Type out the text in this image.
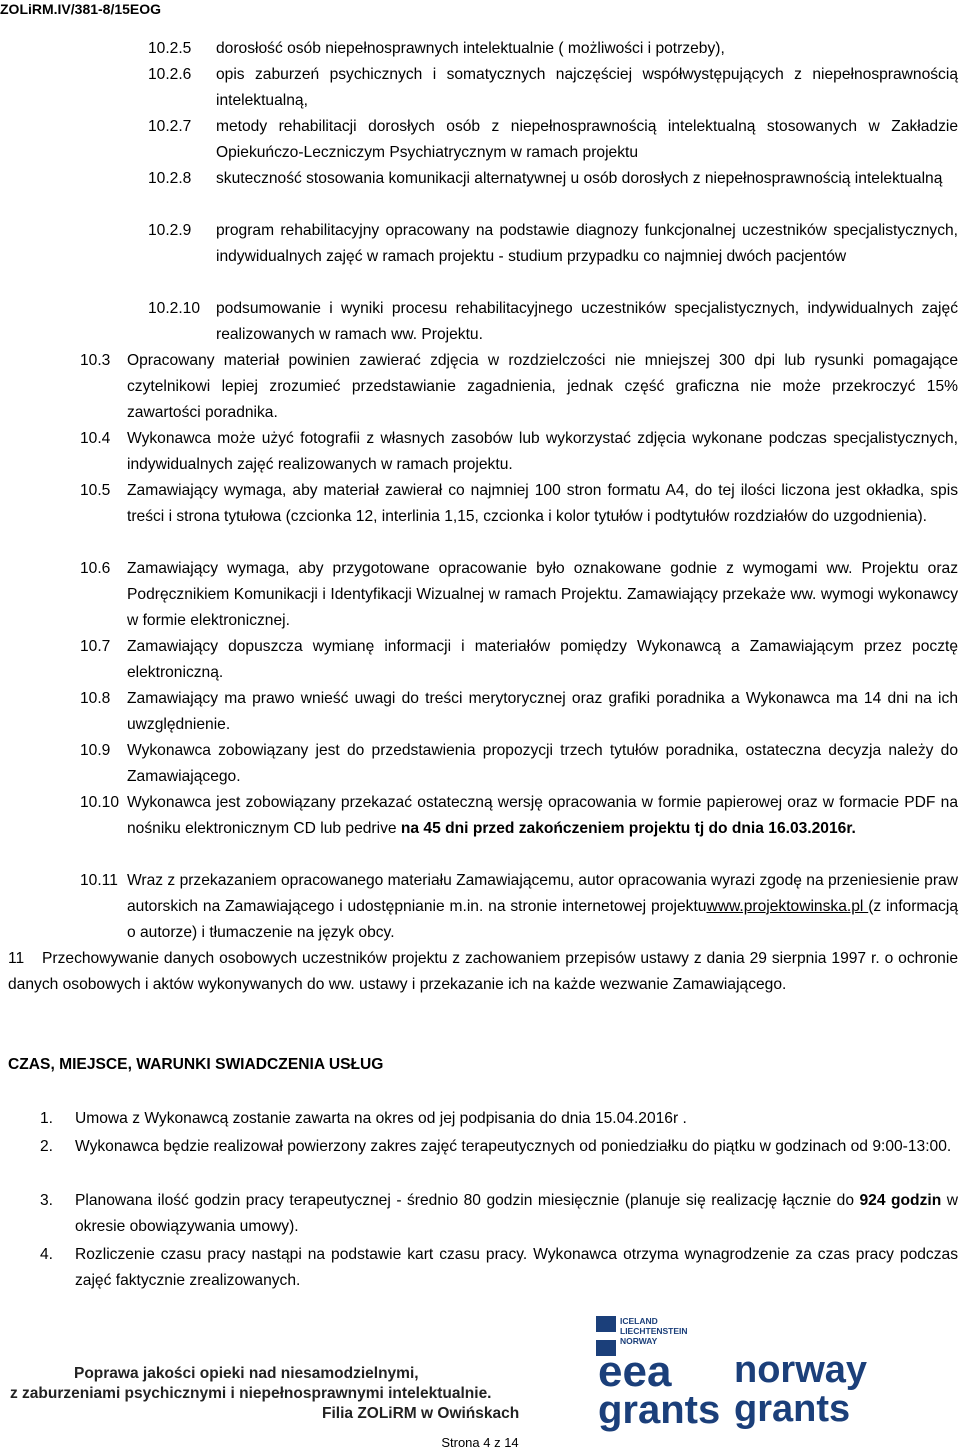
ZOLiRM.IV/381-8/15EOG
10.2.5 dorosłość osób niepełnosprawnych intelektualnie ( możliwości i potrzeby),
10.2.6 opis zaburzeń psychicznych i somatycznych najczęściej współwystępujących z niepełnosprawnością intelektualną,
10.2.7 metody rehabilitacji dorosłych osób z niepełnosprawnością intelektualną stosowanych w Zakładzie Opiekuńczo-Leczniczym Psychiatrycznym w ramach projektu
10.2.8 skuteczność stosowania komunikacji alternatywnej u osób dorosłych z niepełnosprawnością intelektualną
10.2.9 program rehabilitacyjny opracowany na podstawie diagnozy funkcjonalnej uczestników specjalistycznych, indywidualnych zajęć w ramach projektu - studium przypadku co najmniej dwóch pacjentów
10.2.10 podsumowanie i wyniki procesu rehabilitacyjnego uczestników specjalistycznych, indywidualnych zajęć realizowanych w ramach ww. Projektu.
10.3 Opracowany materiał powinien zawierać zdjęcia w rozdzielczości nie mniejszej 300 dpi lub rysunki pomagające czytelnikowi lepiej zrozumieć przedstawianie zagadnienia, jednak część graficzna nie może przekroczyć 15% zawartości poradnika.
10.4 Wykonawca może użyć fotografii z własnych zasobów lub wykorzystać zdjęcia wykonane podczas specjalistycznych, indywidualnych zajęć realizowanych w ramach projektu.
10.5 Zamawiający wymaga, aby materiał zawierał co najmniej 100 stron formatu A4, do tej ilości liczona jest okładka, spis treści i strona tytułowa (czcionka 12, interlinia 1,15, czcionka i kolor tytułów i podtytułów rozdziałów do uzgodnienia).
10.6 Zamawiający wymaga, aby przygotowane opracowanie było oznakowane godnie z wymogami ww. Projektu oraz Podręcznikiem Komunikacji i Identyfikacji Wizualnej w ramach Projektu. Zamawiający przekaże ww. wymogi wykonawcy w formie elektronicznej.
10.7 Zamawiający dopuszcza wymianę informacji i materiałów pomiędzy Wykonawcą a Zamawiającym przez pocztę elektroniczną.
10.8 Zamawiający ma prawo wnieść uwagi do treści merytorycznej oraz grafiki poradnika a Wykonawca ma 14 dni na ich uwzględnienie.
10.9 Wykonawca zobowiązany jest do przedstawienia propozycji trzech tytułów poradnika, ostateczna decyzja należy do Zamawiającego.
10.10 Wykonawca jest zobowiązany przekazać ostateczną wersję opracowania w formie papierowej oraz w formacie PDF na nośniku elektronicznym CD lub pedrive na 45 dni przed zakończeniem projektu tj do dnia 16.03.2016r.
10.11 Wraz z przekazaniem opracowanego materiału Zamawiającemu, autor opracowania wyrazi zgodę na przeniesienie praw autorskich na Zamawiającego i udostępnianie m.in. na stronie internetowej projektuwww.projektowinska.pl (z informacją o autorze) i tłumaczenie na język obcy.
11	Przechowywanie danych osobowych uczestników projektu z zachowaniem przepisów ustawy z dania 29 sierpnia 1997 r. o ochronie danych osobowych i aktów wykonywanych do ww. ustawy i przekazanie ich na każde wezwanie Zamawiającego.
CZAS, MIEJSCE, WARUNKI SWIADCZENIA USŁUG
1. Umowa z Wykonawcą zostanie zawarta na okres od jej podpisania do dnia 15.04.2016r .
2. Wykonawca będzie realizował powierzony zakres zajęć terapeutycznych od poniedziałku do piątku w godzinach od 9:00-13:00.
3. Planowana ilość godzin pracy terapeutycznej - średnio 80 godzin miesięcznie (planuje się realizację łącznie do 924 godzin w okresie obowiązywania umowy).
4. Rozliczenie czasu pracy nastąpi na podstawie kart czasu pracy. Wykonawca otrzyma wynagrodzenie za czas pracy podczas zajęć faktycznie zrealizowanych.
Poprawa jakości opieki nad niesamodzielnymi,
z zaburzeniami psychicznymi i niepełnosprawnymi intelektualnie.
Filia ZOLiRM w Owińskach
ICELAND
LIECHTENSTEIN
NORWAY
eea
grants
norway
grants
Strona 4 z 14
